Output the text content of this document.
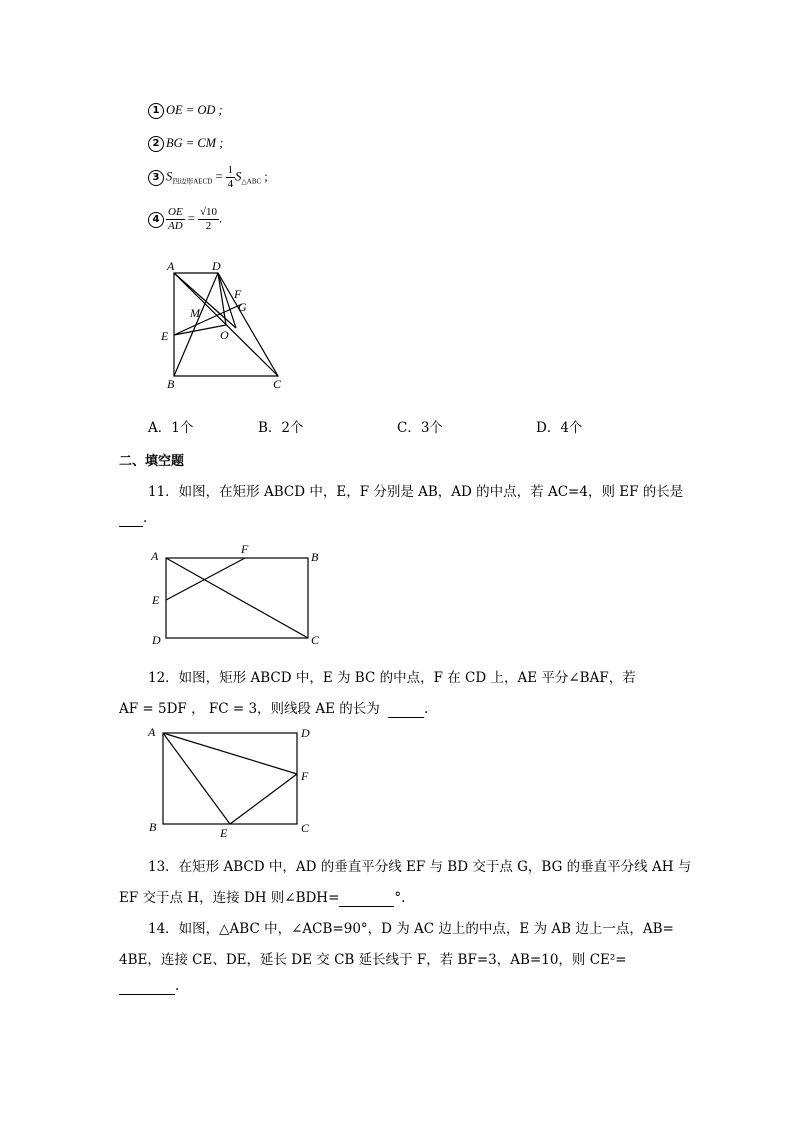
1 OE = OD ;
2 BG = CM ;
3 $S_{四边形AECD} = \frac{1}{4} S_{\triangle ABC}$ ;
$4 \frac{OE}{AD} = \frac{√10}{2}$ .
A	D
F
G
M
E	O
B	C
A．1个	B．2个	C．3个	D．4个
二、填空题
11．如图，在矩形 ABCD 中，E，F 分别是 AB，AD 的中点，若 AC=4，则 EF 的长是
.
A	F
B
E
D	C
12．如图，矩形 ABCD 中，E 为 BC 的中点，F 在 CD 上，AE 平分∠BAF，若
AF = 5DF ， FC = 3，则线段 AE 的长为	.
A	D
F
B	E	C
13．在矩形 ABCD 中，AD 的垂直平分线 EF 与 BD 交于点 G，BG 的垂直平分线 AH 与
EF 交于点 H，连接 DH 则∠BDH=	°.
14．如图，△ABC 中，∠ACB=90°，D 为 AC 边上的中点，E 为 AB 边上一点，AB=
4BE，连接 CE、DE，延长 DE 交 CB 延长线于 F，若 BF=3，AB=10，则 CE²=
.
